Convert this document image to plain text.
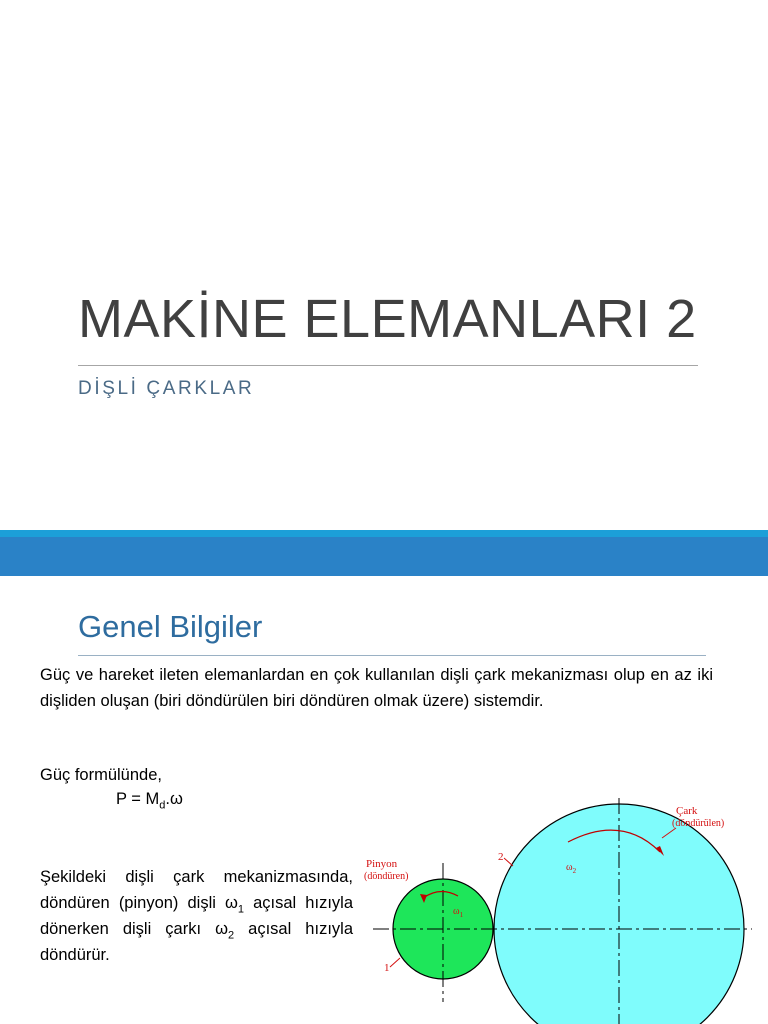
MAKİNE ELEMANLARI 2
DİŞLİ ÇARKLAR
Genel Bilgiler
Güç ve hareket ileten elemanlardan en çok kullanılan dişli çark mekanizması olup en az iki dişliden oluşan (biri döndürülen biri döndüren olmak üzere) sistemdir.
Güç formülünde,
$P = M_d.\omega$
Şekildeki dişli çark mekanizmasında, döndüren (pinyon) dişli $\omega_1$ açısal hızıyla dönerken dişli çarkı $\omega_2$ açısal hızıyla döndürür.
Pinyon
(döndüren)
Çark
(döndürülen)
$\omega_1$
$\omega_2$
1
2
